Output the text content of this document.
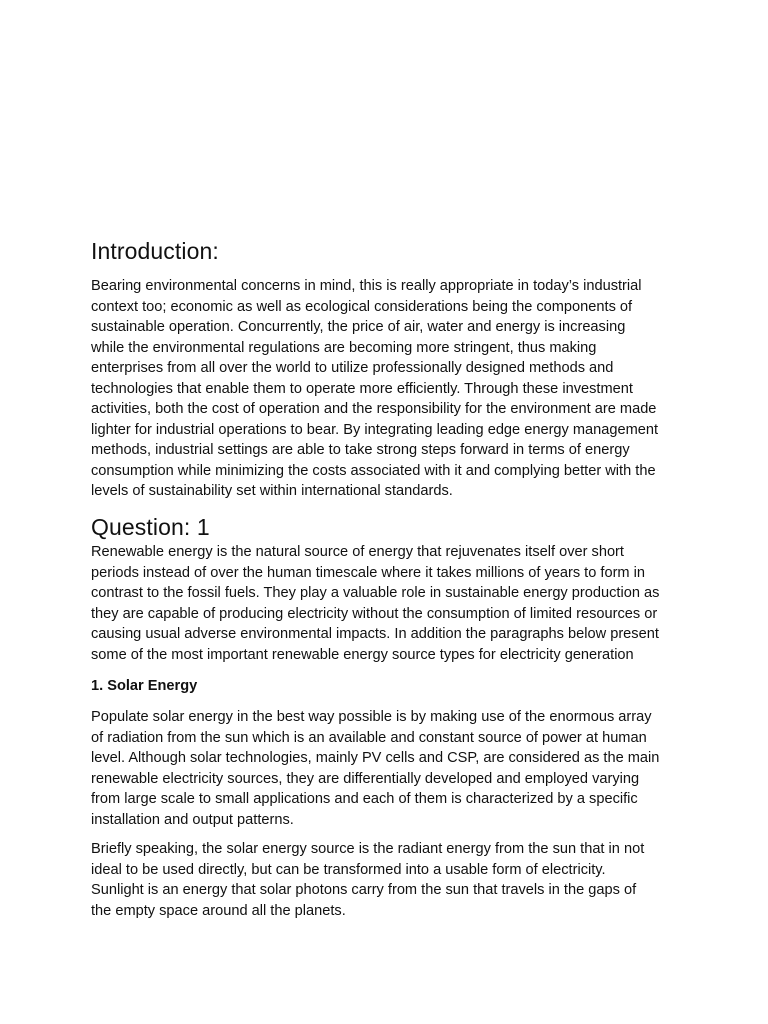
Introduction:
Bearing environmental concerns in mind, this is really appropriate in today’s industrial
context too; economic as well as ecological considerations being the components of
sustainable operation. Concurrently, the price of air, water and energy is increasing
while the environmental regulations are becoming more stringent, thus making
enterprises from all over the world to utilize professionally designed methods and
technologies that enable them to operate more efficiently. Through these investment
activities, both the cost of operation and the responsibility for the environment are made
lighter for industrial operations to bear. By integrating leading edge energy management
methods, industrial settings are able to take strong steps forward in terms of energy
consumption while minimizing the costs associated with it and complying better with the
levels of sustainability set within international standards.
Question: 1
Renewable energy is the natural source of energy that rejuvenates itself over short
periods instead of over the human timescale where it takes millions of years to form in
contrast to the fossil fuels. They play a valuable role in sustainable energy production as
they are capable of producing electricity without the consumption of limited resources or
causing usual adverse environmental impacts. In addition the paragraphs below present
some of the most important renewable energy source types for electricity generation
1. Solar Energy
Populate solar energy in the best way possible is by making use of the enormous array
of radiation from the sun which is an available and constant source of power at human
level. Although solar technologies, mainly PV cells and CSP, are considered as the main
renewable electricity sources, they are differentially developed and employed varying
from large scale to small applications and each of them is characterized by a specific
installation and output patterns.
Briefly speaking, the solar energy source is the radiant energy from the sun that in not
ideal to be used directly, but can be transformed into a usable form of electricity.
Sunlight is an energy that solar photons carry from the sun that travels in the gaps of
the empty space around all the planets.
